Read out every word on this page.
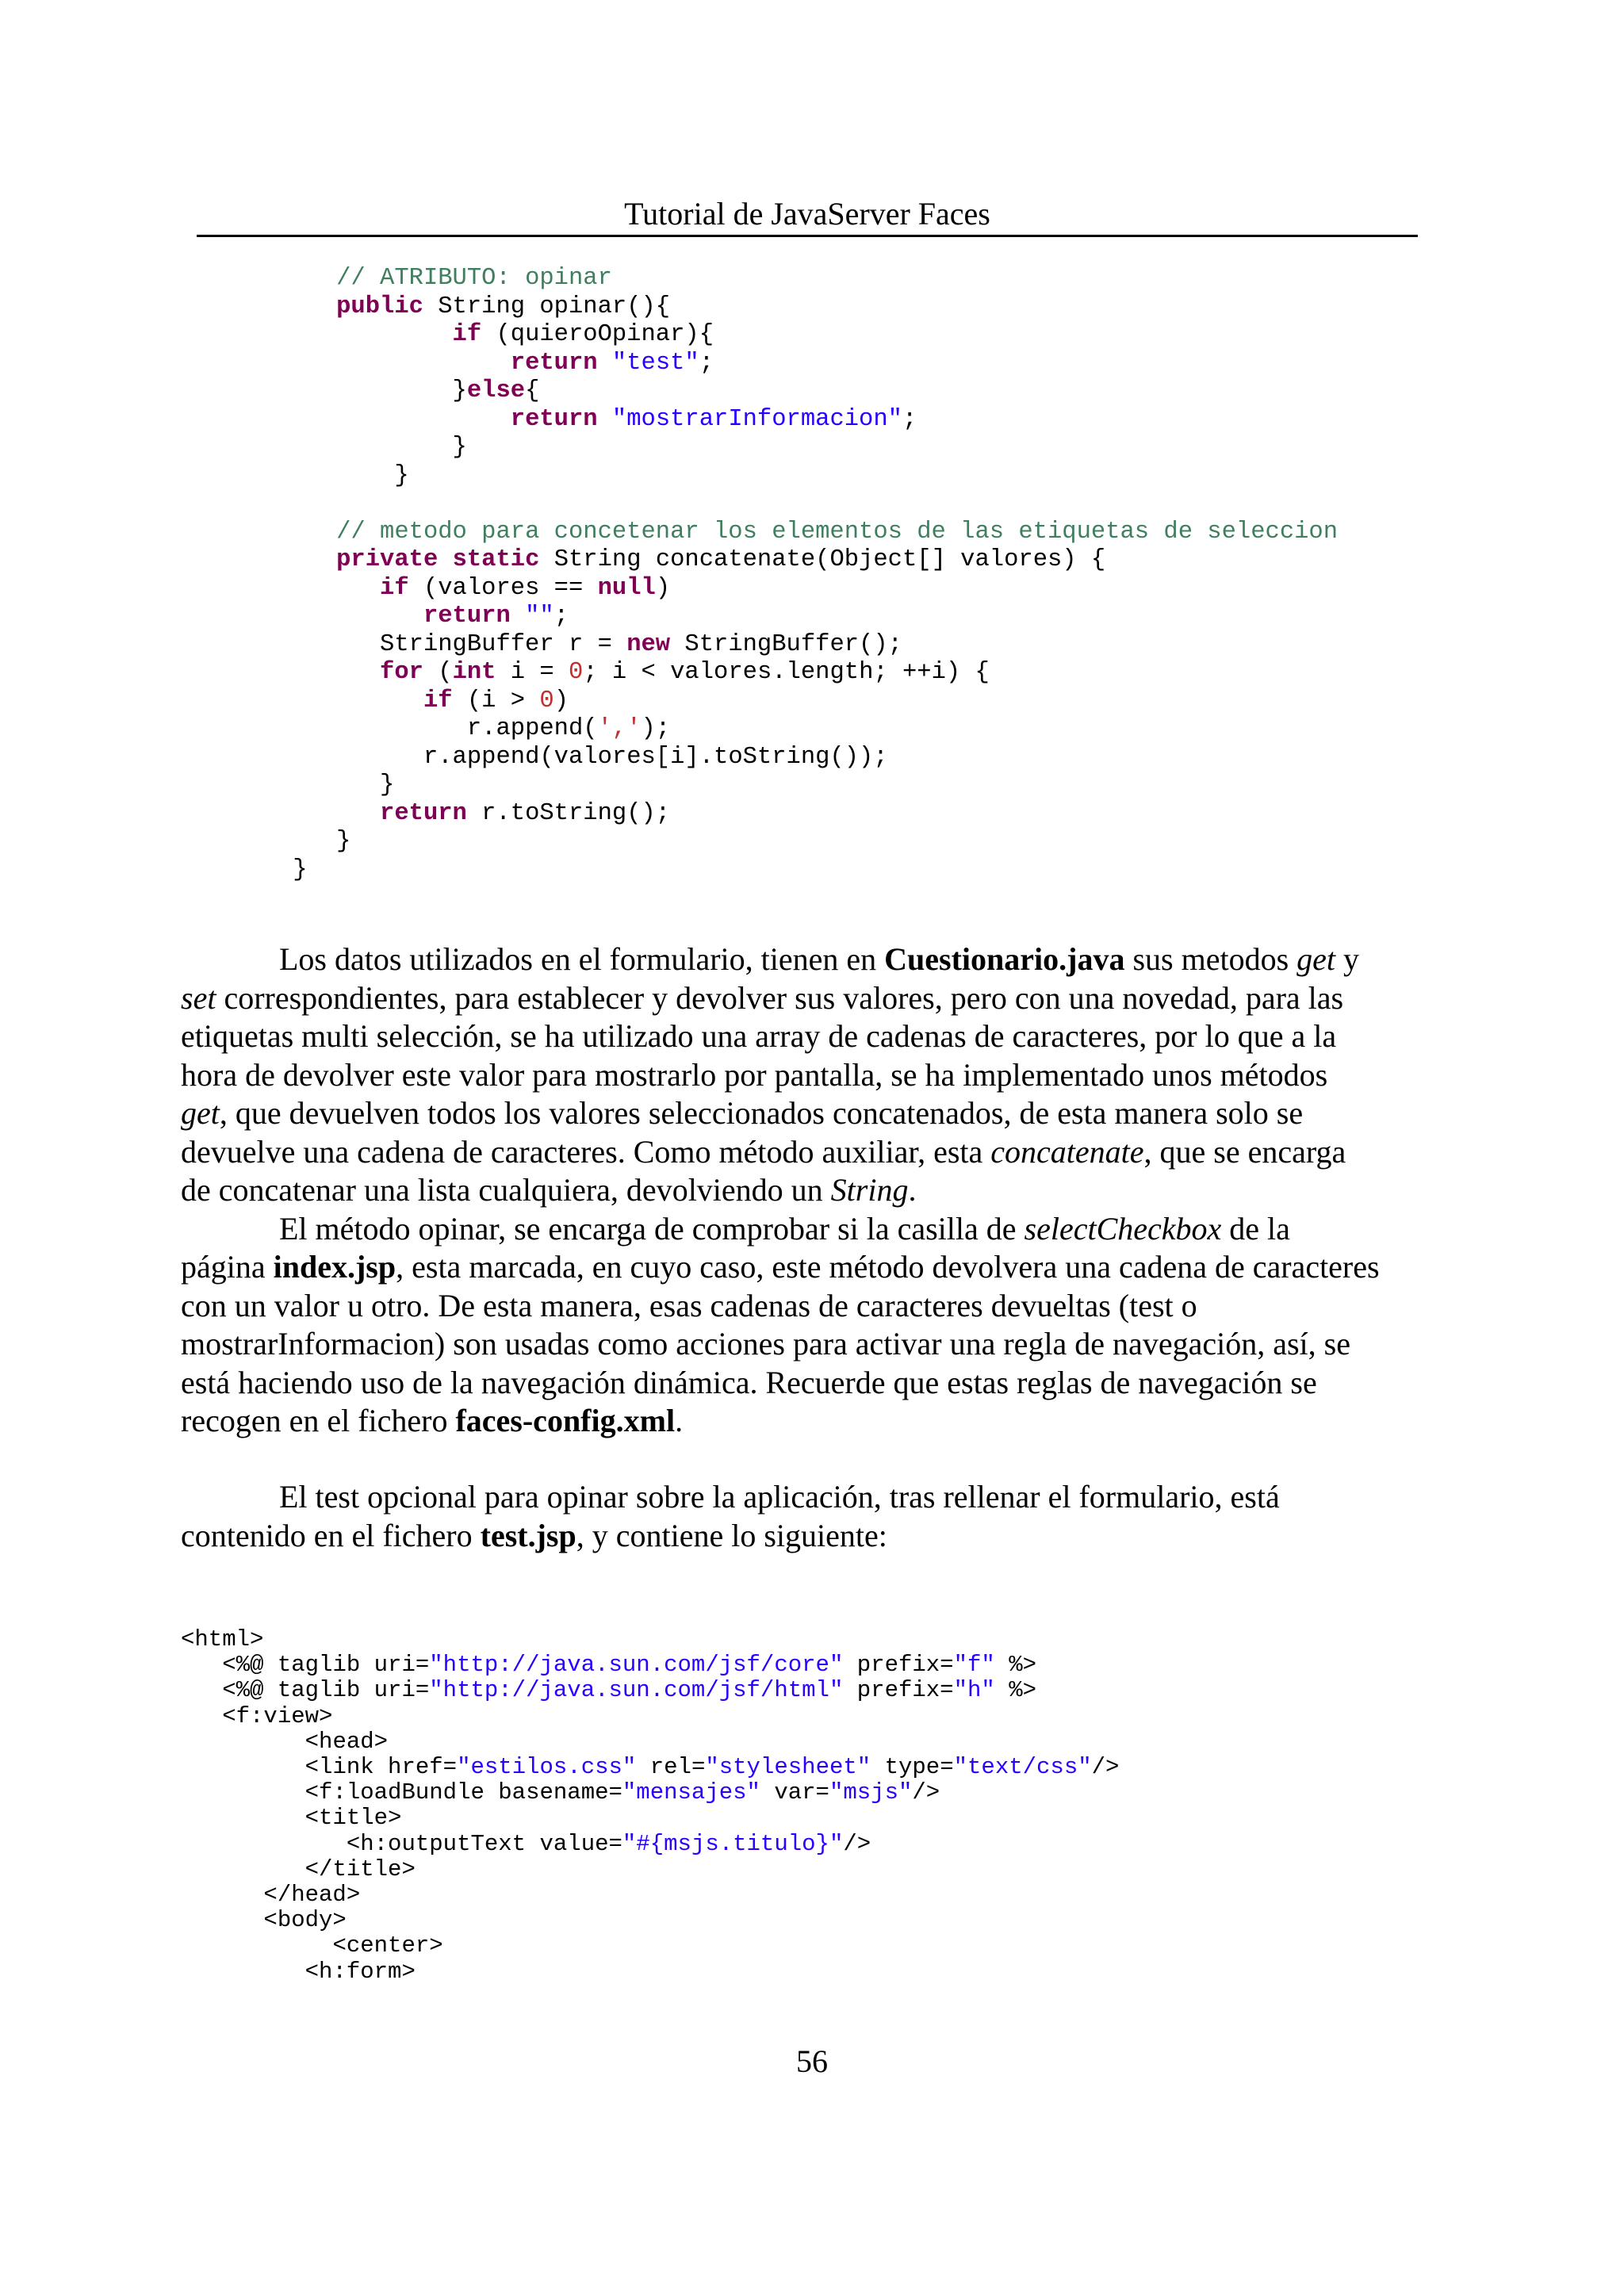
Tutorial de JavaServer Faces
// ATRIBUTO: opinar
public String opinar(){
if (quieroOpinar){
return "test";
}else{
return "mostrarInformacion";
}
}

// metodo para concetenar los elementos de las etiquetas de seleccion
private static String concatenate(Object[] valores) {
if (valores == null)
return "";
StringBuffer r = new StringBuffer();
for (int i = 0; i < valores.length; ++i) {
if (i > 0)
r.append(',');
r.append(valores[i].toString());
}
return r.toString();
}
}
Los datos utilizados en el formulario, tienen en Cuestionario.java sus metodos get y
set correspondientes, para establecer y devolver sus valores, pero con una novedad, para las
etiquetas multi selección, se ha utilizado una array de cadenas de caracteres, por lo que a la
hora de devolver este valor para mostrarlo por pantalla, se ha implementado unos métodos
get, que devuelven todos los valores seleccionados concatenados, de esta manera solo se
devuelve una cadena de caracteres. Como método auxiliar, esta concatenate, que se encarga
de concatenar una lista cualquiera, devolviendo un String.
El método opinar, se encarga de comprobar si la casilla de selectCheckbox de la
página index.jsp, esta marcada, en cuyo caso, este método devolvera una cadena de caracteres
con un valor u otro. De esta manera, esas cadenas de caracteres devueltas (test o
mostrarInformacion) son usadas como acciones para activar una regla de navegación, así, se
está haciendo uso de la navegación dinámica. Recuerde que estas reglas de navegación se
recogen en el fichero faces-config.xml.
El test opcional para opinar sobre la aplicación, tras rellenar el formulario, está
contenido en el fichero test.jsp, y contiene lo siguiente:
<html>
<%@ taglib uri="http://java.sun.com/jsf/core" prefix="f" %>
<%@ taglib uri="http://java.sun.com/jsf/html" prefix="h" %>
<f:view>
<head>
<link href="estilos.css" rel="stylesheet" type="text/css"/>
<f:loadBundle basename="mensajes" var="msjs"/>
<title>
<h:outputText value="#{msjs.titulo}"/>
</title>
</head>
<body>
<center>
<h:form>
56
